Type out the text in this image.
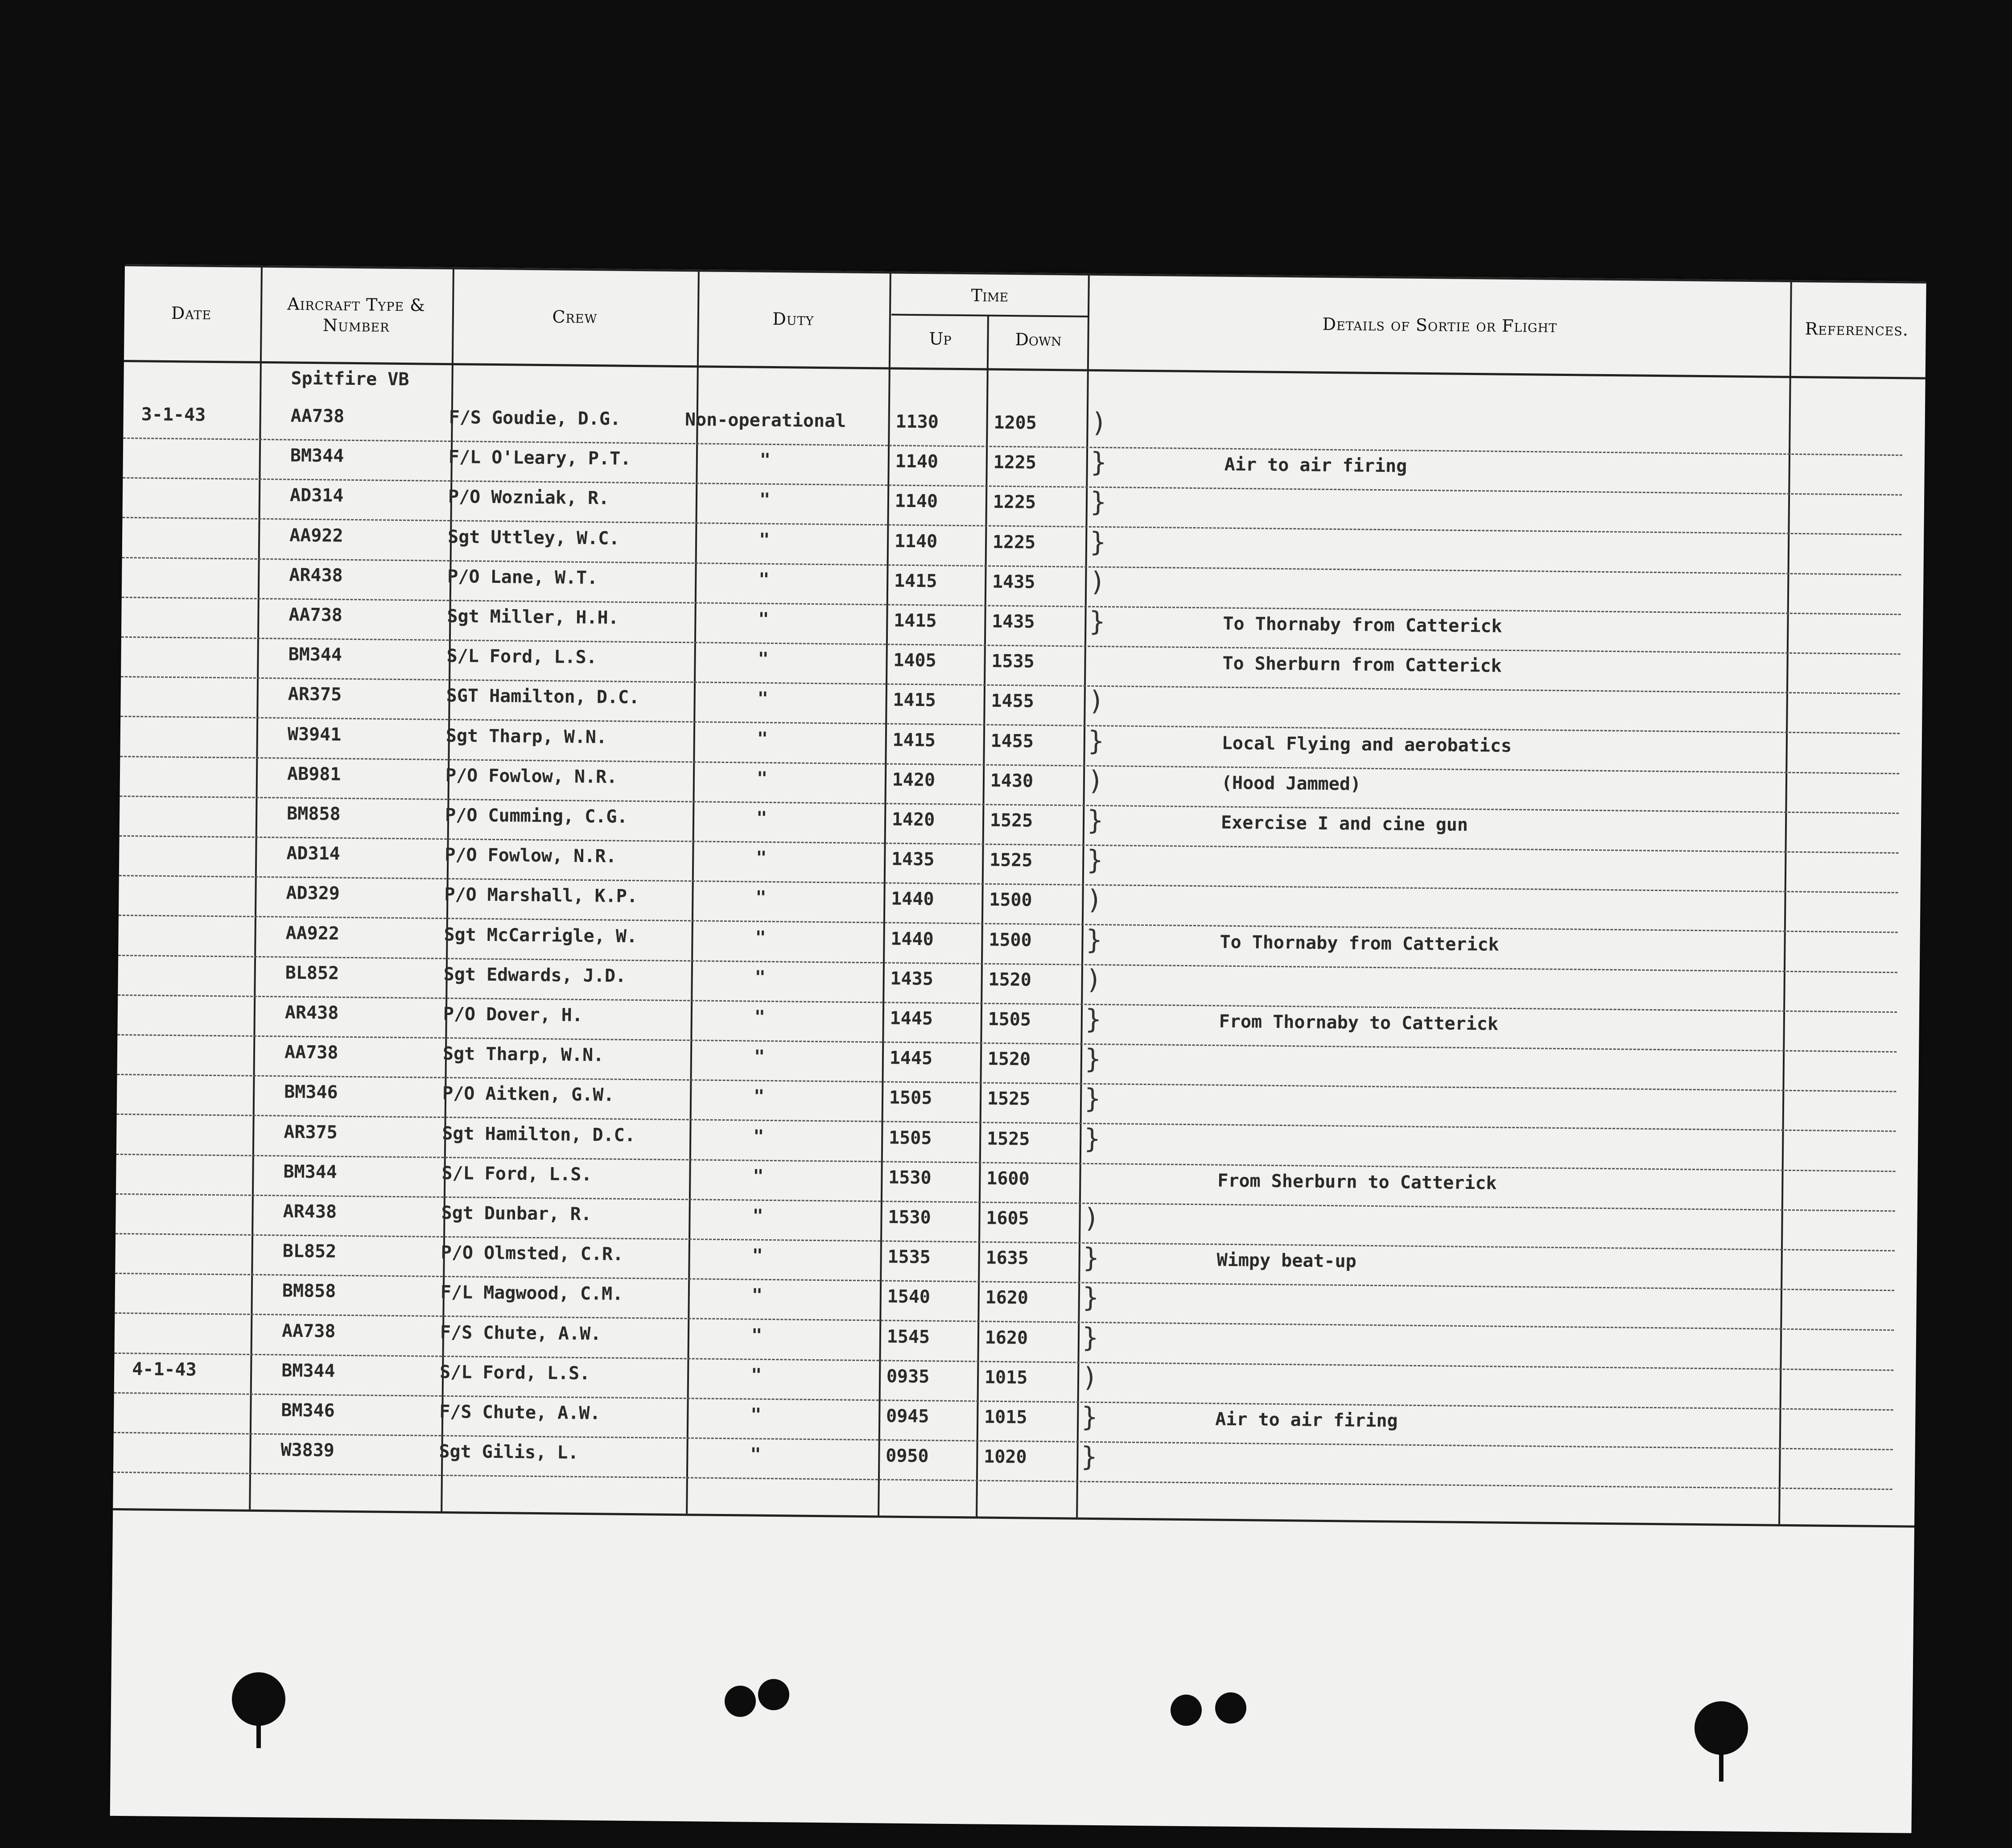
Date	Aircraft Type & Number	Crew	Duty
Time
Up	Down
Details of Sortie or Flight	References.
Spitfire VB
3-1-43	AA738	F/S Goudie, D.G.	Non-operational	1130	1205	)
BM344	F/L O'Leary, P.T.	"	1140	1225	}	Air to air firing
AD314	P/O Wozniak, R.	"	1140	1225	}
AA922	Sgt Uttley, W.C.	"	1140	1225	}
AR438	P/O Lane, W.T.	"	1415	1435	)
AA738	Sgt Miller, H.H.	"	1415	1435	}	To Thornaby from Catterick
BM344	S/L Ford, L.S.	"	1405	1535	To Sherburn from Catterick
AR375	SGT Hamilton, D.C.	"	1415	1455	)
W3941	Sgt Tharp, W.N.	"	1415	1455	}	Local Flying and aerobatics
AB981	P/O Fowlow, N.R.	"	1420	1430	)	(Hood Jammed)
BM858	P/O Cumming, C.G.	"	1420	1525	}	Exercise I and cine gun
AD314	P/O Fowlow, N.R.	"	1435	1525	}
AD329	P/O Marshall, K.P.	"	1440	1500	)
AA922	Sgt McCarrigle, W.	"	1440	1500	}	To Thornaby from Catterick
BL852	Sgt Edwards, J.D.	"	1435	1520	)
AR438	P/O Dover, H.	"	1445	1505	}	From Thornaby to Catterick
AA738	Sgt Tharp, W.N.	"	1445	1520	}
BM346	P/O Aitken, G.W.	"	1505	1525	}
AR375	Sgt Hamilton, D.C.	"	1505	1525	}
BM344	S/L Ford, L.S.	"	1530	1600	From Sherburn to Catterick
AR438	Sgt Dunbar, R.	"	1530	1605	)
BL852	P/O Olmsted, C.R.	"	1535	1635	}	Wimpy beat-up
BM858	F/L Magwood, C.M.	"	1540	1620	}
AA738	F/S Chute, A.W.	"	1545	1620	}
4-1-43	BM344	S/L Ford, L.S.	"	0935	1015	)
BM346	F/S Chute, A.W.	"	0945	1015	}	Air to air firing
W3839	Sgt Gilis, L.	"	0950	1020	}
